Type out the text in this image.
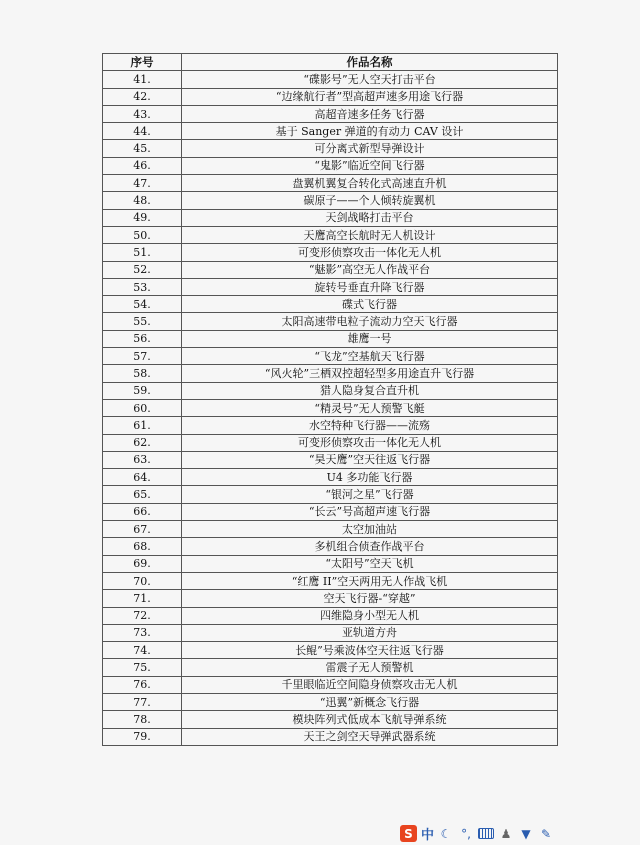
序号	作品名称
41.	“碟影号”无人空天打击平台
42.	“边缘航行者”型高超声速多用途飞行器
43.	高超音速多任务飞行器
44.	基于 Sanger 弹道的有动力 CAV 设计
45.	可分离式新型导弹设计
46.	“鬼影”临近空间飞行器
47.	盘翼机翼复合转化式高速直升机
48.	碳原子——个人倾转旋翼机
49.	天剑战略打击平台
50.	天鹰高空长航时无人机设计
51.	可变形侦察攻击一体化无人机
52.	“魅影”高空无人作战平台
53.	旋转号垂直升降飞行器
54.	碟式飞行器
55.	太阳高速带电粒子流动力空天飞行器
56.	雄鹰一号
57.	“飞龙”空基航天飞行器
58.	“风火轮”三栖双控超轻型多用途直升飞行器
59.	猎人隐身复合直升机
60.	“精灵号”无人预警飞艇
61.	水空特种飞行器——流殇
62.	可变形侦察攻击一体化无人机
63.	“昊天鹰”空天往返飞行器
64.	U4 多功能飞行器
65.	“银河之星”飞行器
66.	“长云”号高超声速飞行器
67.	太空加油站
68.	多机组合侦查作战平台
69.	“太阳号”空天飞机
70.	“红鹰 II”空天两用无人作战飞机
71.	空天飞行器-“穿越”
72.	四维隐身小型无人机
73.	亚轨道方舟
74.	长鲲”号乘波体空天往返飞行器
75.	雷震子无人预警机
76.	千里眼临近空间隐身侦察攻击无人机
77.	“迅翼”新概念飞行器
78.	模块阵列式低成本飞航导弹系统
79.	天王之剑空天导弹武器系统
S 中 ☾ °, ♟ ▼ ✎
